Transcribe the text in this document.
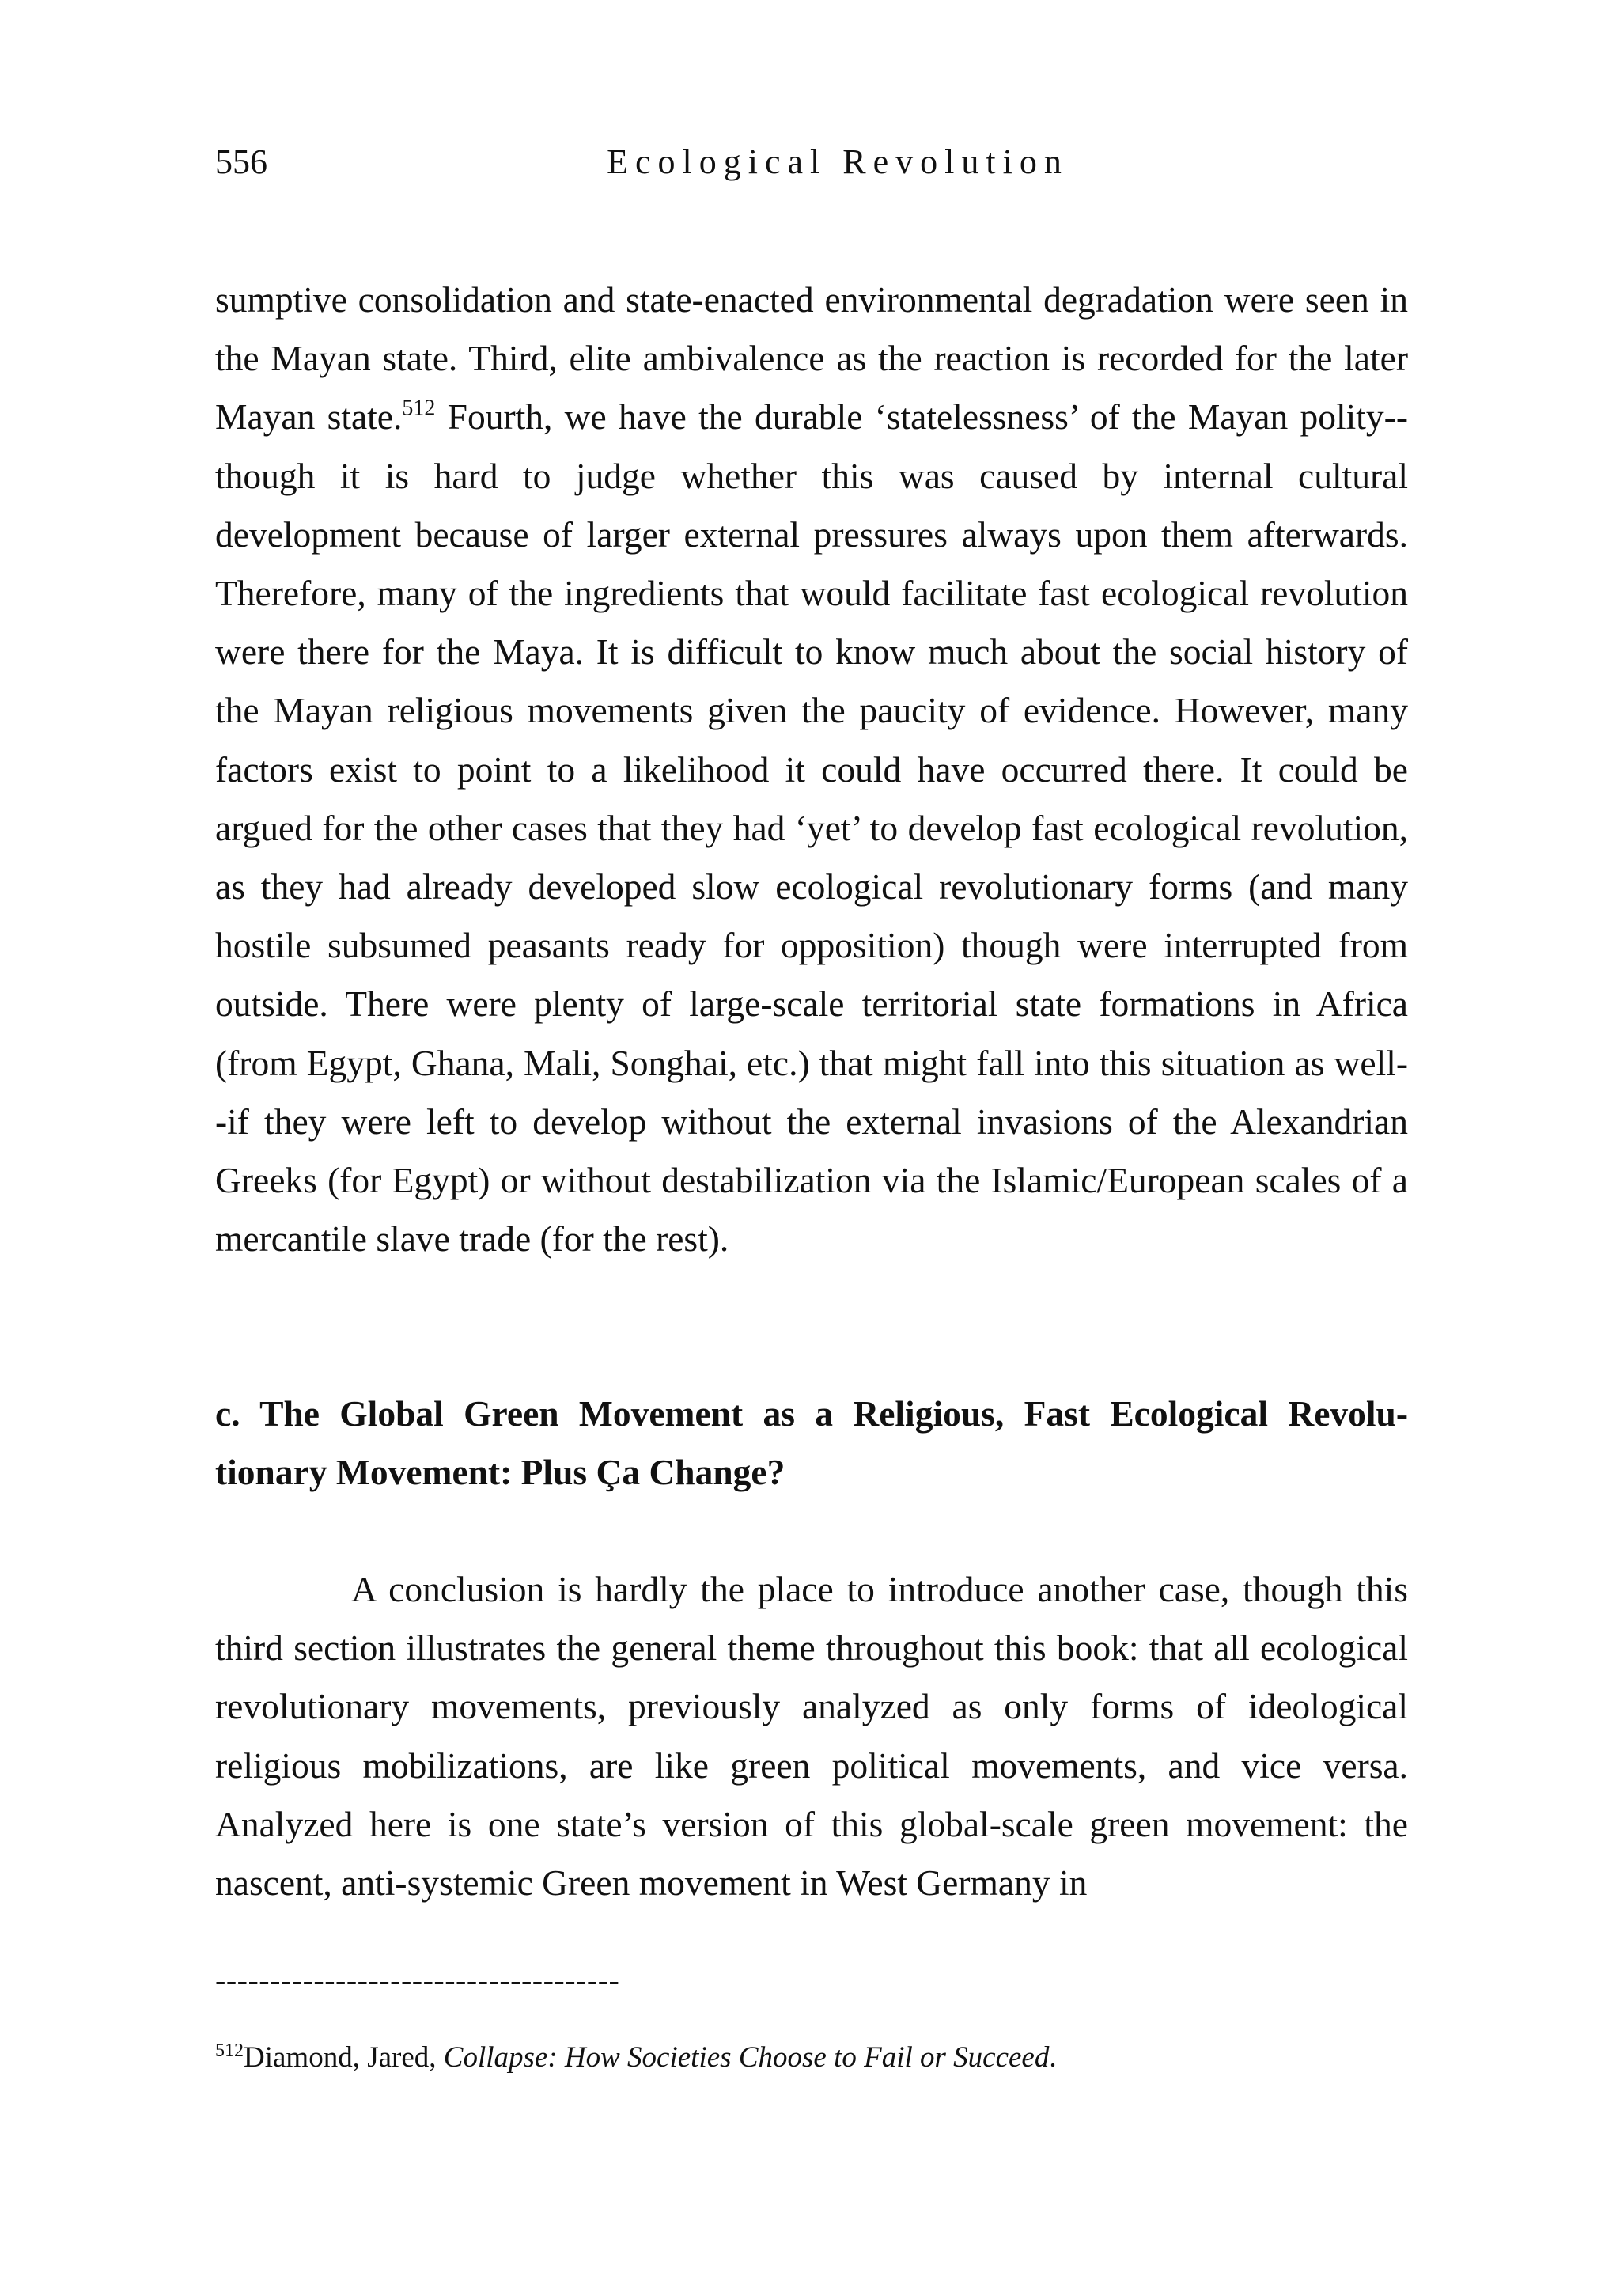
556	Ecological Revolution

sumptive consolidation and state-enacted environmental degradation were seen in the Mayan state. Third, elite ambivalence as the reaction is recorded for the later Mayan state.$^{512}$ Fourth, we have the durable ‘statelessness’ of the Mayan polity--though it is hard to judge whether this was caused by internal cultural development because of larger external pressures always upon them afterwards. Therefore, many of the ingredients that would facilitate fast ecological revolution were there for the Maya. It is difficult to know much about the social history of the Mayan religious movements given the paucity of evidence. However, many factors exist to point to a likelihood it could have occurred there. It could be argued for the other cases that they had ‘yet’ to develop fast ecological revolution, as they had already developed slow ecological revolutionary forms (and many hostile subsumed peasants ready for opposition) though were interrupted from outside. There were plenty of large-scale territorial state formations in Africa (from Egypt, Ghana, Mali, Songhai, etc.) that might fall into this situation as well--if they were left to develop without the external invasions of the Alexandrian Greeks (for Egypt) or without destabilization via the Islamic/European scales of a mercantile slave trade (for the rest).

c. The Global Green Movement as a Religious, Fast Ecological Revolu-tionary Movement: Plus Ça Change?

A conclusion is hardly the place to introduce another case, though this third section illustrates the general theme throughout this book: that all ecological revolutionary movements, previously analyzed as only forms of ideological religious mobilizations, are like green political movements, and vice versa. Analyzed here is one state’s version of this global-scale green movement: the nascent, anti-systemic Green movement in West Germany in

-------------------------------------
$^{512}$Diamond, Jared, Collapse: How Societies Choose to Fail or Succeed.
